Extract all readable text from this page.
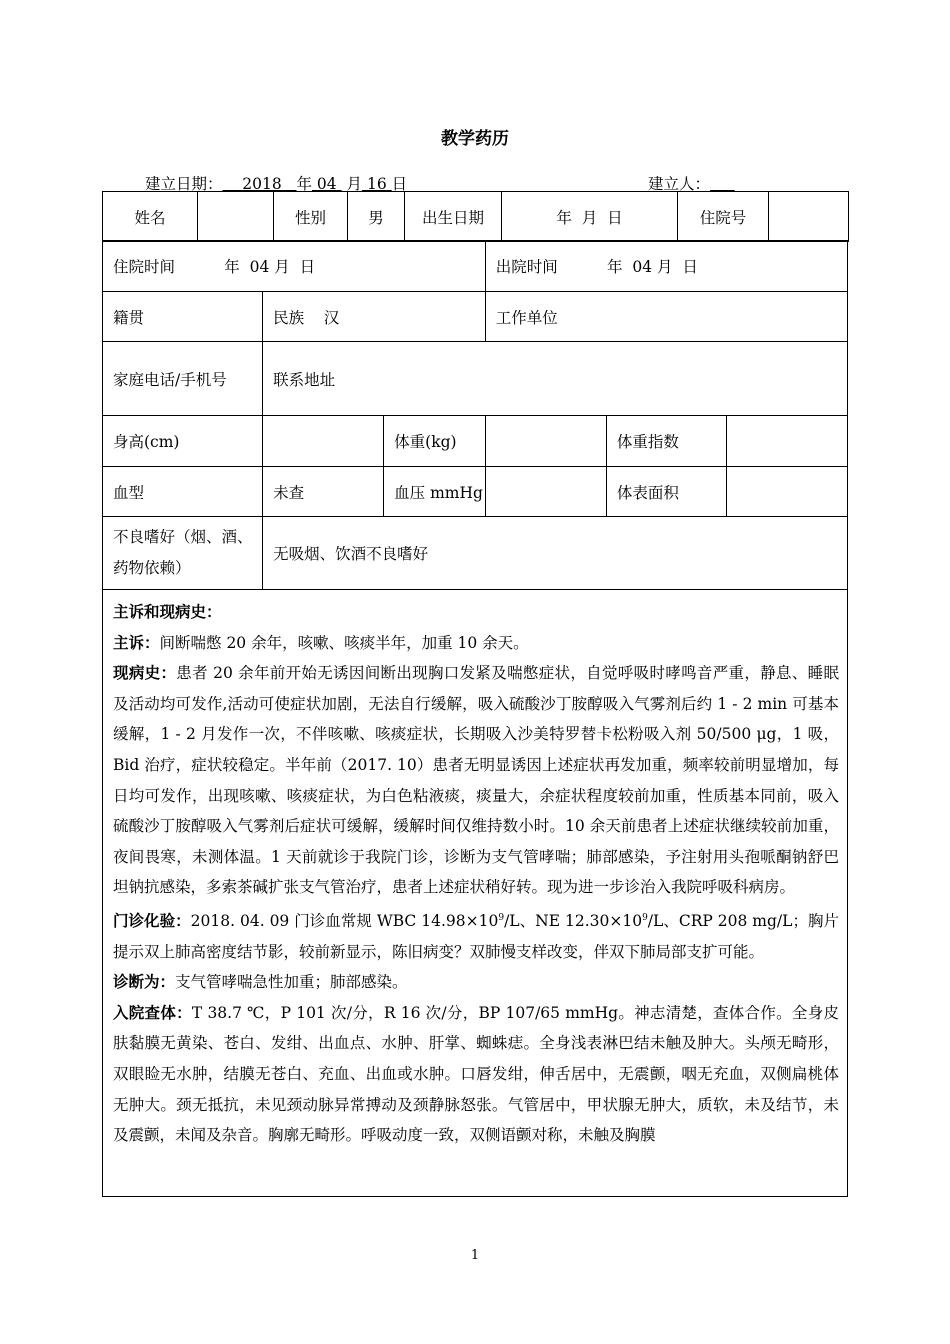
教学药历
建立日期： 2018 年 04 月 16 日	建立人：
姓名		性别	男	出生日期	年  月  日	住院号	
住院时间 年  04 月  日			出院时间 年  04 月  日		
籍贯	民族 汉		工作单位		
家庭电话/手机号	联系地址				
身高(cm)		体重(kg)		体重指数	
血型	未查	血压 mmHg		体表面积	
不良嗜好（烟、酒、药物依赖）	无吸烟、饮酒不良嗜好				

主诉和现病史：

主诉：间断喘憋 20 余年，咳嗽、咳痰半年，加重 10 余天。

现病史：患者 20 余年前开始无诱因间断出现胸口发紧及喘憋症状，自觉呼吸时哮鸣音严重，静息、睡眠及活动均可发作,活动可使症状加剧，无法自行缓解，吸入硫酸沙丁胺醇吸入气雾剂后约 1 - 2 min 可基本缓解，1 - 2 月发作一次，不伴咳嗽、咳痰症状，长期吸入沙美特罗替卡松粉吸入剂 50/500 μg，1 吸，Bid 治疗，症状较稳定。半年前（2017. 10）患者无明显诱因上述症状再发加重，频率较前明显增加，每日均可发作，出现咳嗽、咳痰症状，为白色粘液痰，痰量大，余症状程度较前加重，性质基本同前，吸入硫酸沙丁胺醇吸入气雾剂后症状可缓解，缓解时间仅维持数小时。10 余天前患者上述症状继续较前加重，夜间畏寒，未测体温。1 天前就诊于我院门诊，诊断为支气管哮喘；肺部感染，予注射用头孢哌酮钠舒巴坦钠抗感染，多索茶碱扩张支气管治疗，患者上述症状稍好转。现为进一步诊治入我院呼吸科病房。

门诊化验：2018. 04. 09 门诊血常规 WBC $14.98\times 10^9/L$、NE $12.30\times 10^9/L$、CRP 208 mg/L；胸片提示双上肺高密度结节影，较前新显示，陈旧病变？双肺慢支样改变，伴双下肺局部支扩可能。

诊断为：支气管哮喘急性加重；肺部感染。

入院查体：T 38.7 ℃，P 101 次/分，R 16 次/分，BP 107/65 mmHg。神志清楚，查体合作。全身皮肤黏膜无黄染、苍白、发绀、出血点、水肿、肝掌、蜘蛛痣。全身浅表淋巴结未触及肿大。头颅无畸形，双眼睑无水肿，结膜无苍白、充血、出血或水肿。口唇发绀，伸舌居中，无震颤，咽无充血，双侧扁桃体无肿大。颈无抵抗，未见颈动脉异常搏动及颈静脉怒张。气管居中，甲状腺无肿大，质软，未及结节，未及震颤，未闻及杂音。胸廓无畸形。呼吸动度一致，双侧语颤对称，未触及胸膜

1
